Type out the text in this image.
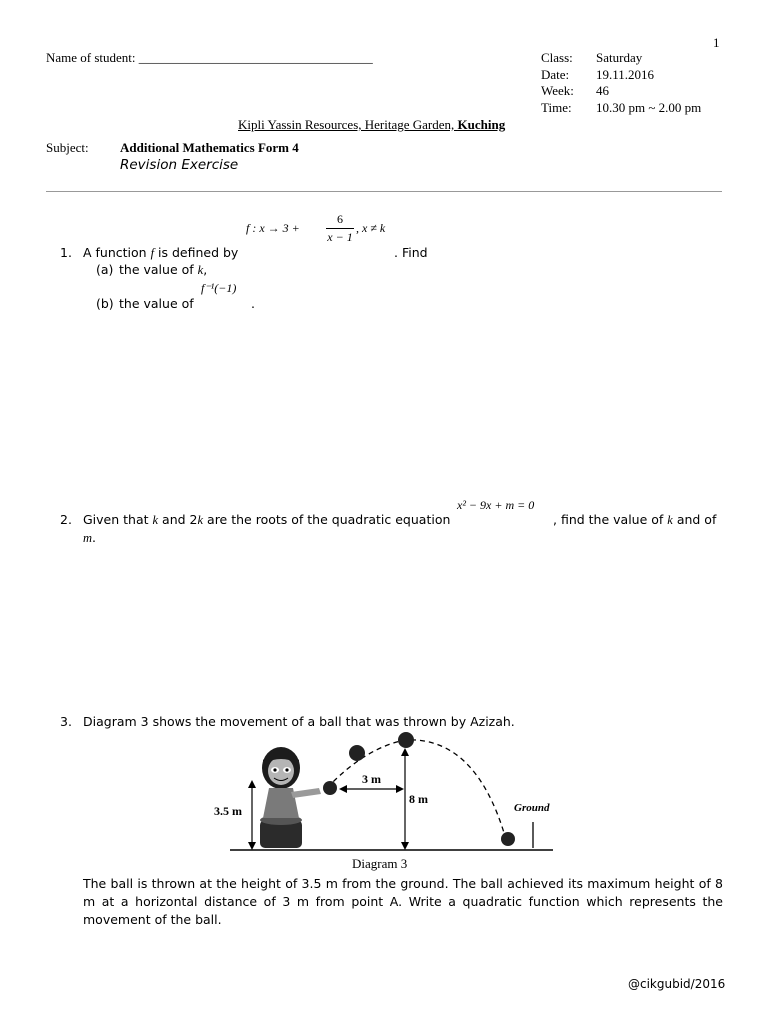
1
Name of student: ____________________________________	Class: Saturday
Date: 19.11.2016
Week: 46
Time: 10.30 pm ~ 2.00 pm
Kipli Yassin Resources, Heritage Garden, Kuching
Subject: Additional Mathematics Form 4
Revision Exercise
f : x → 3 +
6
x − 1
, x ≠ k
1. A function f is defined by	. Find
(a) the value of k,
f⁻¹(−1)
(b) the value of	.
x² − 9x + m = 0
2. Given that k and 2k are the roots of the quadratic equation	, find the value of k and of
m.
3. Diagram 3 shows the movement of a ball that was thrown by Azizah.
3.5 m
3 m
8 m
Ground
Diagram 3
The ball is thrown at the height of 3.5 m from the ground. The ball achieved its maximum height of 8 m at a horizontal distance of 3 m from point A. Write a quadratic function which represents the movement of the ball.
@cikgubid/2016
